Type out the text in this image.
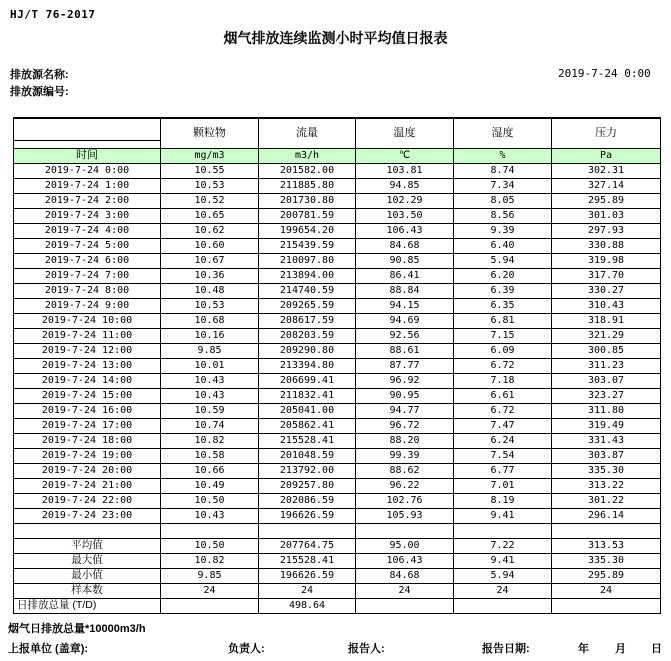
HJ/T 76-2017
烟气排放连续监测小时平均值日报表
排放源名称:
排放源编号:
2019-7-24 0:00
	颗粒物	流量	温度	湿度	压力
时间	mg/m3	m3/h	℃	%	Pa
2019-7-24 0:00	10.55	201582.00	103.81	8.74	302.31
2019-7-24 1:00	10.53	211885.80	94.85	7.34	327.14
2019-7-24 2:00	10.52	201730.80	102.29	8.05	295.89
2019-7-24 3:00	10.65	200781.59	103.50	8.56	301.03
2019-7-24 4:00	10.62	199654.20	106.43	9.39	297.93
2019-7-24 5:00	10.60	215439.59	84.68	6.40	330.88
2019-7-24 6:00	10.67	210097.80	90.85	5.94	319.98
2019-7-24 7:00	10.36	213894.00	86.41	6.20	317.70
2019-7-24 8:00	10.48	214740.59	88.84	6.39	330.27
2019-7-24 9:00	10.53	209265.59	94.15	6.35	310.43
2019-7-24 10:00	10.68	208617.59	94.69	6.81	318.91
2019-7-24 11:00	10.16	208203.59	92.56	7.15	321.29
2019-7-24 12:00	9.85	209290.80	88.61	6.09	300.85
2019-7-24 13:00	10.01	213394.80	87.77	6.72	311.23
2019-7-24 14:00	10.43	206699.41	96.92	7.18	303.07
2019-7-24 15:00	10.43	211832.41	90.95	6.61	323.27
2019-7-24 16:00	10.59	205041.00	94.77	6.72	311.80
2019-7-24 17:00	10.74	205862.41	96.72	7.47	319.49
2019-7-24 18:00	10.82	215528.41	88.20	6.24	331.43
2019-7-24 19:00	10.58	201048.59	99.39	7.54	303.87
2019-7-24 20:00	10.66	213792.00	88.62	6.77	335.30
2019-7-24 21:00	10.49	209257.80	96.22	7.01	313.22
2019-7-24 22:00	10.50	202086.59	102.76	8.19	301.22
2019-7-24 23:00	10.43	196626.59	105.93	9.41	296.14

平均值	10.50	207764.75	95.00	7.22	313.53
最大值	10.82	215528.41	106.43	9.41	335.30
最小值	9.85	196626.59	84.68	5.94	295.89
样本数	24	24	24	24	24
日排放总量 (T/D)		498.64			
烟气日排放总量*10000m3/h
上报单位 (盖章):	负责人:	报告人:	报告日期:	年 月 日
